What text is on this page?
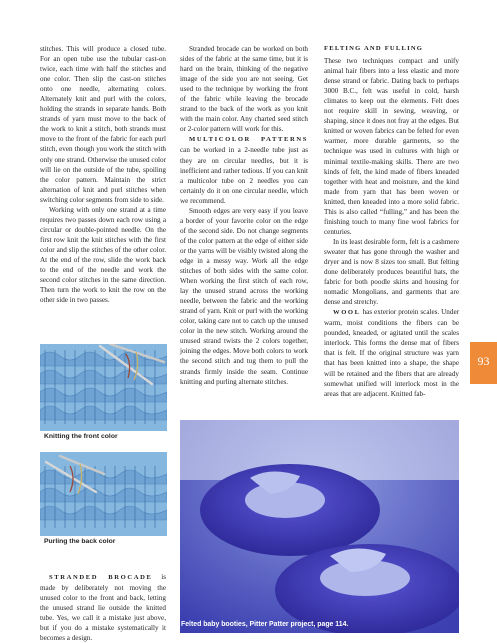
stitches. This will produce a closed tube. For an open tube use the tubular cast-on twice, each time with half the stitches and one color. Then slip the cast-on stitches onto one needle, alternating colors. Alternately knit and purl with the colors, holding the strands in separate hands. Both strands of yarn must move to the back of the work to knit a stitch, both strands must move to the front of the fabric for each purl stitch, even though you work the stitch with only one strand. Otherwise the unused color will lie on the outside of the tube, spoiling the color pattern. Maintain the strict alternation of knit and purl stitches when switching color segments from side to side.

Working with only one strand at a time requires two passes down each row using a circular or double-pointed needle. On the first row knit the knit stitches with the first color and slip the stitches of the other color. At the end of the row, slide the work back to the end of the needle and work the second color stitches in the same direction. Then turn the work to knit the row on the other side in two passes.

Knitting the front color
Purling the back color

STRANDED BROCADE is made by deliberately not moving the unused color to the front and back, letting the unused strand lie outside the knitted tube. Yes, we call it a mistake just above, but if you do a mistake systematically it becomes a design.

Stranded brocade can be worked on both sides of the fabric at the same time, but it is hard on the brain, thinking of the negative image of the side you are not seeing. Get used to the technique by working the front of the fabric while leaving the brocade strand to the back of the work as you knit with the main color. Any charted seed stitch or 2-color pattern will work for this.

MULTICOLOR PATTERNS can be worked in a 2-needle tube just as they are on circular needles, but it is inefficient and rather tedious. If you can knit a multicolor tube on 2 needles you can certainly do it on one circular needle, which we recommend.

Smooth edges are very easy if you leave a border of your favorite color on the edge of the second side. Do not change segments of the color pattern at the edge of either side or the yarns will be visibly twisted along the edge in a messy way. Work all the edge stitches of both sides with the same color. When working the first stitch of each row, lay the unused strand across the working needle, between the fabric and the working strand of yarn. Knit or purl with the working color, taking care not to catch up the unused color in the new stitch. Working around the unused strand twists the 2 colors together, joining the edges. Move both colors to work the second stitch and tug them to pull the strands firmly inside the seam. Continue knitting and purling alternate stitches.

FELTING AND FULLING

These two techniques compact and unify animal hair fibers into a less elastic and more dense strand or fabric. Dating back to perhaps 3000 B.C., felt was useful in cold, harsh climates to keep out the elements. Felt does not require skill in sewing, weaving, or shaping, since it does not fray at the edges. But knitted or woven fabrics can be felted for even warmer, more durable garments, so the technique was used in cultures with high or minimal textile-making skills. There are two kinds of felt, the kind made of fibers kneaded together with heat and moisture, and the kind made from yarn that has been woven or knitted, then kneaded into a more solid fabric. This is also called “fulling,” and has been the finishing touch to many fine wool fabrics for centuries.

In its least desirable form, felt is a cashmere sweater that has gone through the washer and dryer and is now 8 sizes too small. But felting done deliberately produces beautiful hats, the fabric for both poodle skirts and housing for nomadic Mongolians, and garments that are dense and stretchy.

WOOL has exterior protein scales. Under warm, moist conditions the fibers can be pounded, kneaded, or agitated until the scales interlock. This forms the dense mat of fibers that is felt. If the original structure was yarn that has been knitted into a shape, the shape will be retained and the fibers that are already somewhat unified will interlock most in the areas that are adjacent. Knitted fab-

Felted baby booties, Pitter Patter project, page 114.
93
